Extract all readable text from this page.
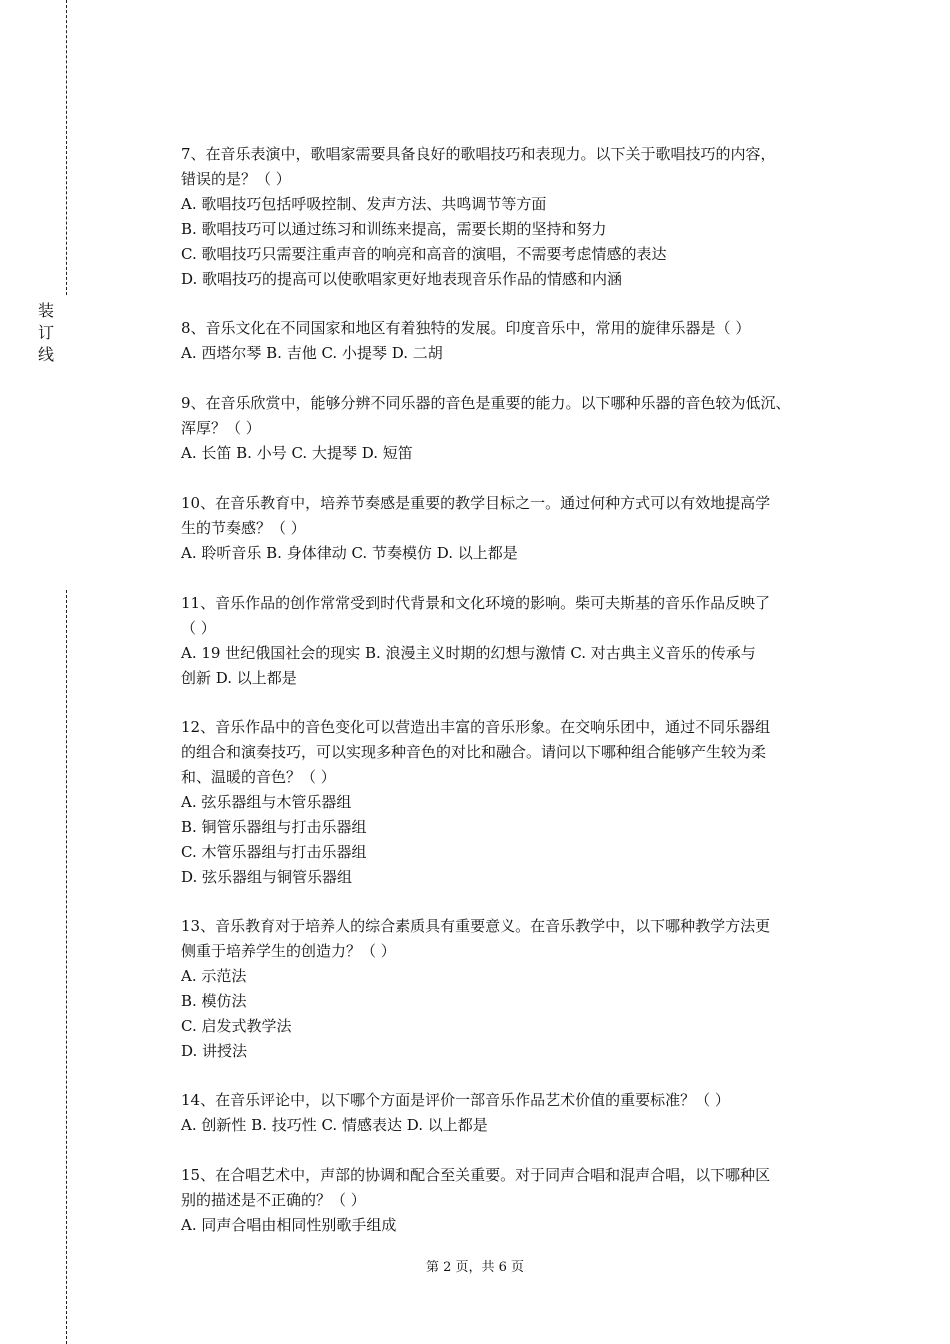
装订线
7、在音乐表演中，歌唱家需要具备良好的歌唱技巧和表现力。以下关于歌唱技巧的内容，
错误的是？（ ）
A. 歌唱技巧包括呼吸控制、发声方法、共鸣调节等方面
B. 歌唱技巧可以通过练习和训练来提高，需要长期的坚持和努力
C. 歌唱技巧只需要注重声音的响亮和高音的演唱，不需要考虑情感的表达
D. 歌唱技巧的提高可以使歌唱家更好地表现音乐作品的情感和内涵
8、音乐文化在不同国家和地区有着独特的发展。印度音乐中，常用的旋律乐器是（ ）
A. 西塔尔琴 B. 吉他 C. 小提琴 D. 二胡
9、在音乐欣赏中，能够分辨不同乐器的音色是重要的能力。以下哪种乐器的音色较为低沉、
浑厚？（ ）
A. 长笛 B. 小号 C. 大提琴 D. 短笛
10、在音乐教育中，培养节奏感是重要的教学目标之一。通过何种方式可以有效地提高学
生的节奏感？（ ）
A. 聆听音乐 B. 身体律动 C. 节奏模仿 D. 以上都是
11、音乐作品的创作常常受到时代背景和文化环境的影响。柴可夫斯基的音乐作品反映了
（ ）
A. 19 世纪俄国社会的现实 B. 浪漫主义时期的幻想与激情 C. 对古典主义音乐的传承与
创新 D. 以上都是
12、音乐作品中的音色变化可以营造出丰富的音乐形象。在交响乐团中，通过不同乐器组
的组合和演奏技巧，可以实现多种音色的对比和融合。请问以下哪种组合能够产生较为柔
和、温暖的音色？（ ）
A. 弦乐器组与木管乐器组
B. 铜管乐器组与打击乐器组
C. 木管乐器组与打击乐器组
D. 弦乐器组与铜管乐器组
13、音乐教育对于培养人的综合素质具有重要意义。在音乐教学中，以下哪种教学方法更
侧重于培养学生的创造力？（ ）
A. 示范法
B. 模仿法
C. 启发式教学法
D. 讲授法
14、在音乐评论中，以下哪个方面是评价一部音乐作品艺术价值的重要标准？（ ）
A. 创新性 B. 技巧性 C. 情感表达 D. 以上都是
15、在合唱艺术中，声部的协调和配合至关重要。对于同声合唱和混声合唱，以下哪种区
别的描述是不正确的？（ ）
A. 同声合唱由相同性别歌手组成
第 2 页，共 6 页
